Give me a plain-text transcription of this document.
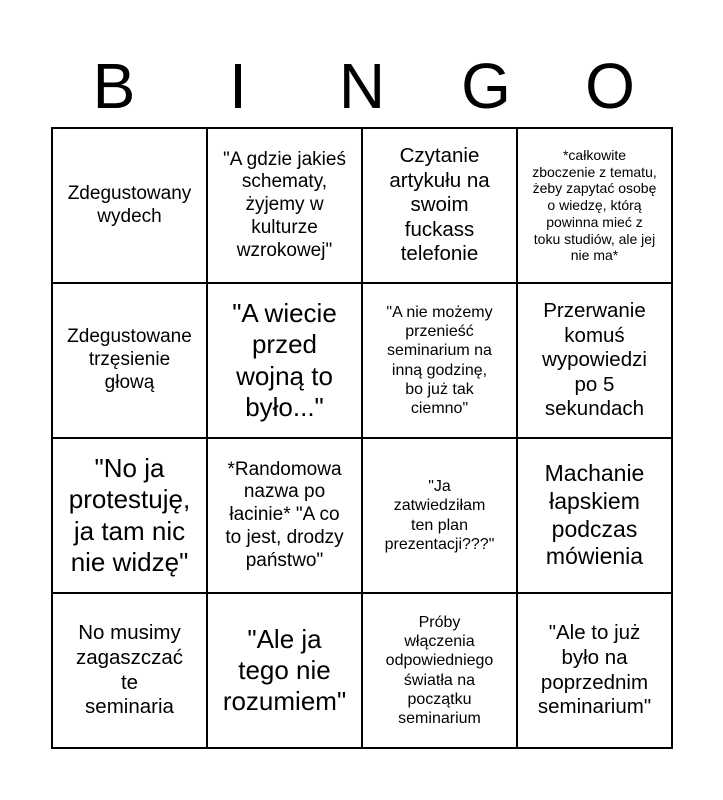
B	I	N	G	O
Zdegustowany
wydech
"A gdzie jakieś
schematy,
żyjemy w
kulturze
wzrokowej"
Czytanie
artykułu na
swoim
fuckass
telefonie
*całkowite
zboczenie z tematu,
żeby zapytać osobę
o wiedzę, którą
powinna mieć z
toku studiów, ale jej
nie ma*
Zdegustowane
trzęsienie
głową
"A wiecie
przed
wojną to
było..."
"A nie możemy
przenieść
seminarium na
inną godzinę,
bo już tak
ciemno"
Przerwanie
komuś
wypowiedzi
po 5
sekundach
"No ja
protestuję,
ja tam nic
nie widzę"
*Randomowa
nazwa po
łacinie* "A co
to jest, drodzy
państwo"
"Ja
zatwiedziłam
ten plan
prezentacji???"
Machanie
łapskiem
podczas
mówienia
No musimy
zagaszczać
te
seminaria
"Ale ja
tego nie
rozumiem"
Próby
włączenia
odpowiedniego
światła na
początku
seminarium
"Ale to już
było na
poprzednim
seminarium"
